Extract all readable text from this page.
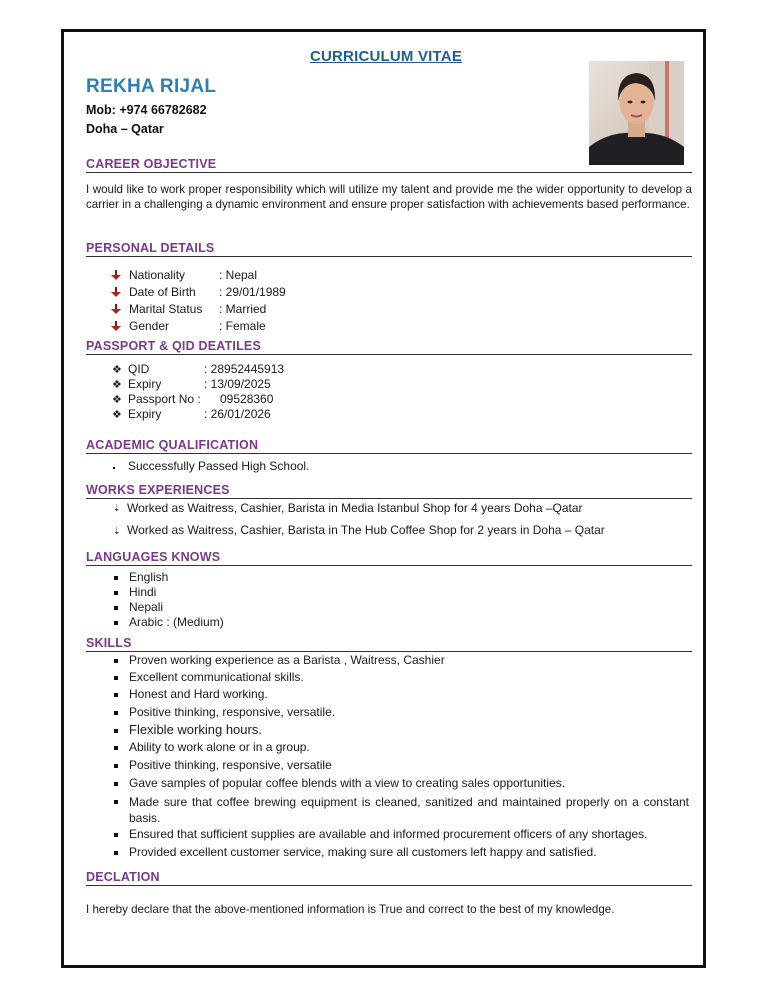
CURRICULUM VITAE
REKHA RIJAL
Mob: +974 66782682
Doha – Qatar
CAREER OBJECTIVE
I would like to work proper responsibility which will utilize my talent and provide me the wider opportunity to develop a carrier in a challenging a dynamic environment and ensure proper satisfaction with achievements based performance.
PERSONAL DETAILS
Nationality	: Nepal
Date of Birth : 29/01/1989
Marital Status : Married
Gender	: Female
PASSPORT & QID DEATILES
❖ QID	: 28952445913
❖ Expiry	: 13/09/2025
❖ Passport No : 09528360
❖ Expiry	: 26/01/2026
ACADEMIC QUALIFICATION
Successfully Passed High School.
WORKS EXPERIENCES
⇣ Worked as Waitress, Cashier, Barista in Media Istanbul Shop for 4 years Doha –Qatar
⇣ Worked as Waitress, Cashier, Barista in The Hub Coffee Shop for 2 years in Doha – Qatar
LANGUAGES KNOWS
English
Hindi
Nepali
Arabic : (Medium)
SKILLS
Proven working experience as a Barista , Waitress, Cashier
Excellent communicational skills.
Honest and Hard working.
Positive thinking, responsive, versatile.
Flexible working hours.
Ability to work alone or in a group.
Positive thinking, responsive, versatile
Gave samples of popular coffee blends with a view to creating sales opportunities.
Made sure that coffee brewing equipment is cleaned, sanitized and maintained properly on a constant basis.
Ensured that sufficient supplies are available and informed procurement officers of any shortages.
Provided excellent customer service, making sure all customers left happy and satisfied.
DECLATION
I hereby declare that the above-mentioned information is True and correct to the best of my knowledge.
